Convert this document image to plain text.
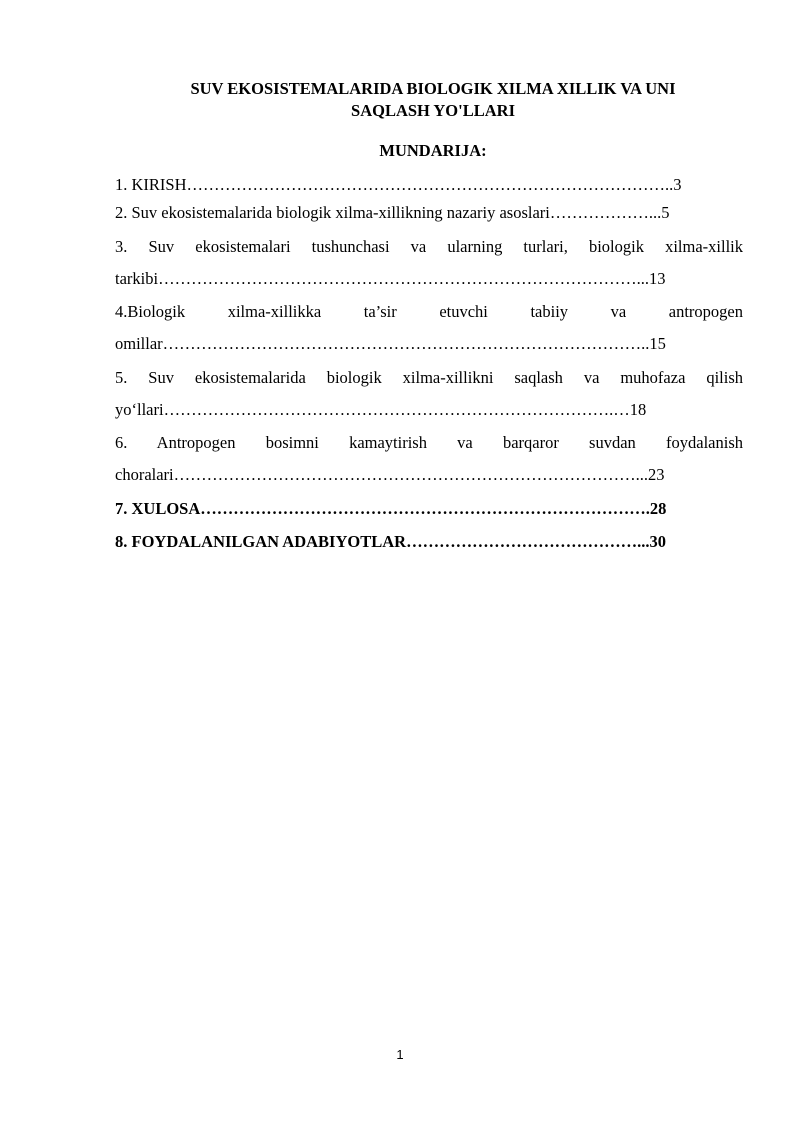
SUV EKOSISTEMALARIDA BIOLOGIK XILMA XILLIK VA UNI
SAQLASH YO'LLARI
MUNDARIJA:
1. KIRISH……………………………………………………………………………..3
2. Suv ekosistemalarida biologik xilma-xillikning nazariy asoslari………………...5
3. Suv ekosistemalari tushunchasi va ularning turlari, biologik xilma-xillik tarkibi……………………………………………………………………………...13
4.Biologik xilma-xillikka ta’sir etuvchi tabiiy va antropogen omillar……………………………………………………………………………..15
5. Suv ekosistemalarida biologik xilma-xillikni saqlash va muhofaza qilish yo‘llari……………………………………………………………………….…18
6. Antropogen bosimni kamaytirish va barqaror suvdan foydalanish choralari…………………………………………………………………………...23
7. XULOSA……………………………………………………………………….28
8. FOYDALANILGAN ADABIYOTLAR……………………………………...30
1
